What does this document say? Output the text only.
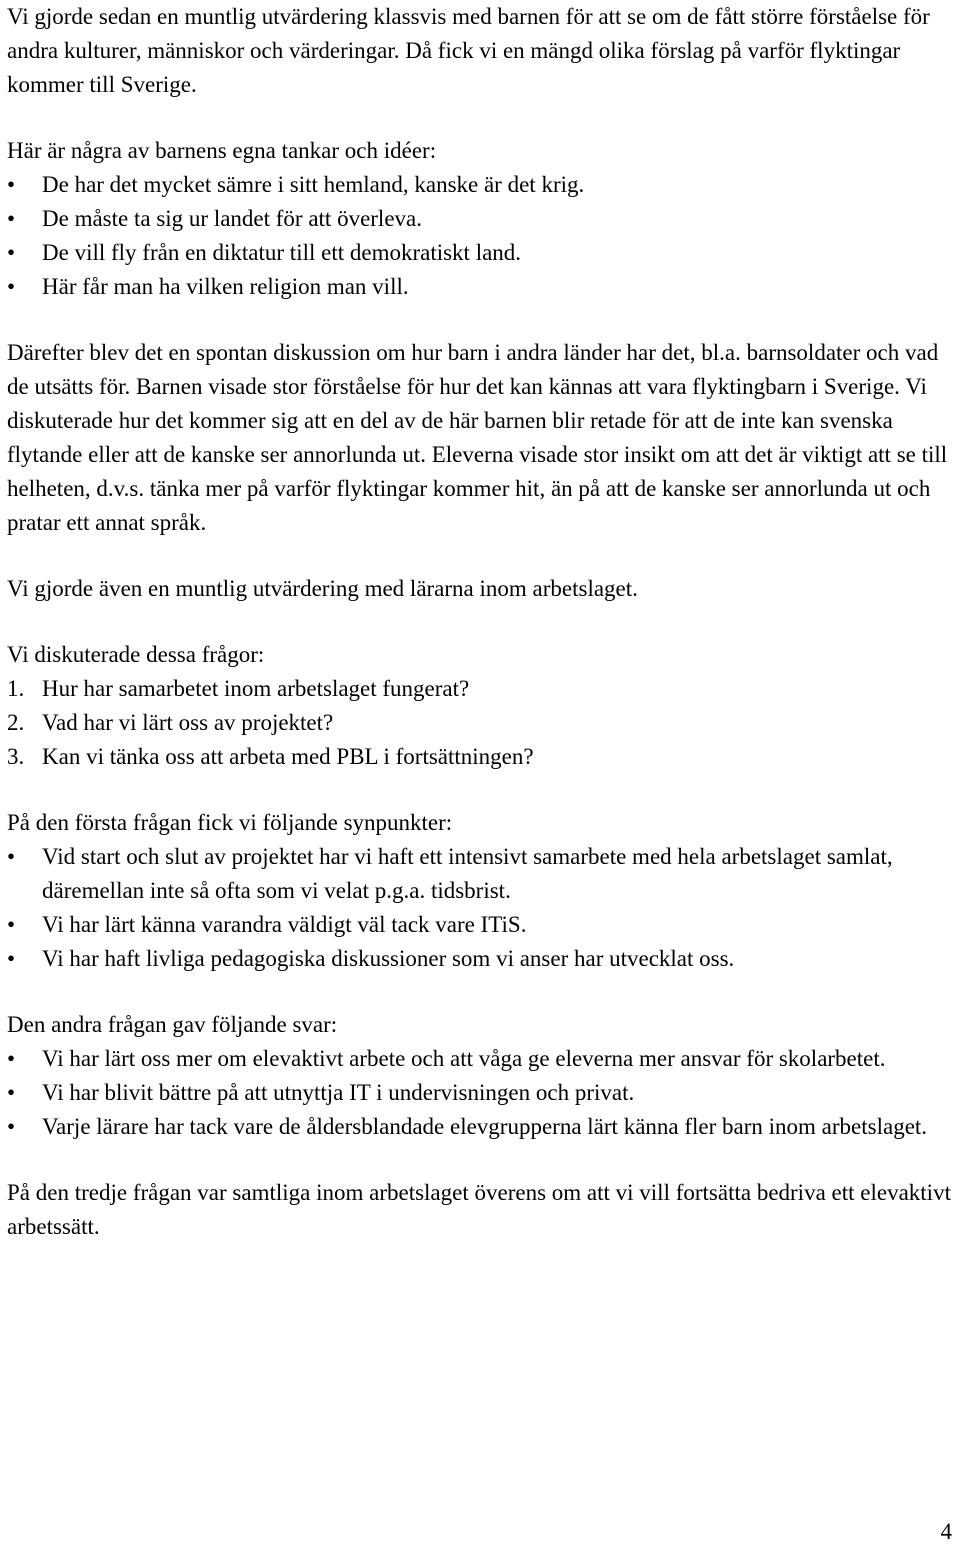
Vi gjorde sedan en muntlig utvärdering klassvis med barnen för att se om de fått större förståelse för andra kulturer, människor och värderingar. Då fick vi en mängd olika förslag på varför flyktingar kommer till Sverige.

Här är några av barnens egna tankar och idéer:

•	De har det mycket sämre i sitt hemland, kanske är det krig.
•	De måste ta sig ur landet för att överleva.
•	De vill fly från en diktatur till ett demokratiskt land.
•	Här får man ha vilken religion man vill.

Därefter blev det en spontan diskussion om hur barn i andra länder har det, bl.a. barnsoldater och vad de utsätts för. Barnen visade stor förståelse för hur det kan kännas att vara flyktingbarn i Sverige. Vi diskuterade hur det kommer sig att en del av de här barnen blir retade för att de inte kan svenska flytande eller att de kanske ser annorlunda ut. Eleverna visade stor insikt om att det är viktigt att se till helheten, d.v.s. tänka mer på varför flyktingar kommer hit, än på att de kanske ser annorlunda ut och pratar ett annat språk.

Vi gjorde även en muntlig utvärdering med lärarna inom arbetslaget.

Vi diskuterade dessa frågor:

1. Hur har samarbetet inom arbetslaget fungerat?
2. Vad har vi lärt oss av projektet?
3. Kan vi tänka oss att arbeta med PBL i fortsättningen?

På den första frågan fick vi följande synpunkter:

•	Vid start och slut av projektet har vi haft ett intensivt samarbete med hela arbetslaget samlat, däremellan inte så ofta som vi velat p.g.a. tidsbrist.
•	Vi har lärt känna varandra väldigt väl tack vare ITiS.
•	Vi har haft livliga pedagogiska diskussioner som vi anser har utvecklat oss.

Den andra frågan gav följande svar:

•	Vi har lärt oss mer om elevaktivt arbete och att våga ge eleverna mer ansvar för skolarbetet.
•	Vi har blivit bättre på att utnyttja IT i undervisningen och privat.
•	Varje lärare har tack vare de åldersblandade elevgrupperna lärt känna fler barn inom arbetslaget.

På den tredje frågan var samtliga inom arbetslaget överens om att vi vill fortsätta bedriva ett elevaktivt arbetssätt.

4
